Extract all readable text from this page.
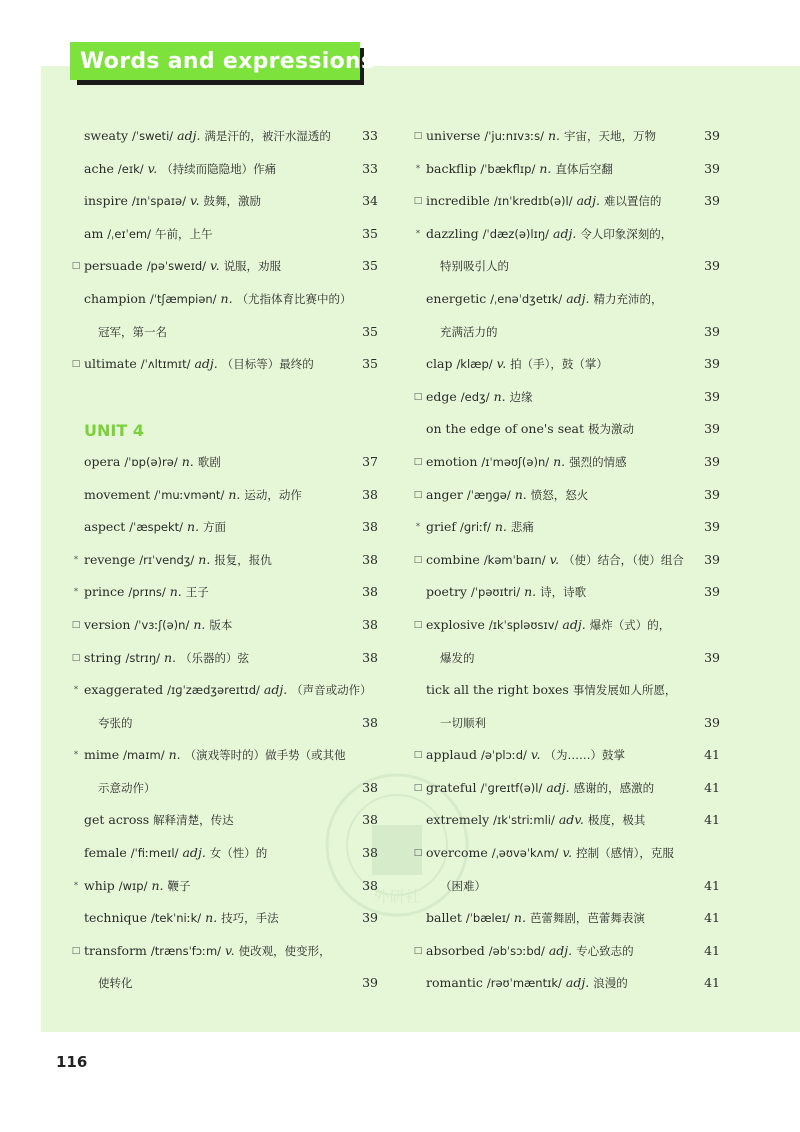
Words and expressions
外研社
sweaty /ˈsweti/ adj. 满是汗的，被汗水湿透的	33
ache /eɪk/ v. （持续而隐隐地）作痛	33
inspire /ɪnˈspaɪə/ v. 鼓舞，激励	34
am /ˌeɪˈem/ 午前，上午	35
□ persuade /pəˈsweɪd/ v. 说服，劝服	35
champion /ˈtʃæmpiən/ n. （尤指体育比赛中的）
冠军，第一名	35
□ ultimate /ˈʌltɪmɪt/ adj. （目标等）最终的	35
UNIT 4
opera /ˈɒp(ə)rə/ n. 歌剧	37
movement /ˈmuːvmənt/ n. 运动，动作	38
aspect /ˈæspekt/ n. 方面	38
* revenge /rɪˈvendʒ/ n. 报复，报仇	38
* prince /prɪns/ n. 王子	38
□ version /ˈvɜːʃ(ə)n/ n. 版本	38
□ string /strɪŋ/ n. （乐器的）弦	38
* exaggerated /ɪɡˈzædʒəreɪtɪd/ adj. （声音或动作）
夸张的	38
* mime /maɪm/ n. （演戏等时的）做手势（或其他
示意动作）	38
get across 解释清楚，传达	38
female /ˈfiːmeɪl/ adj. 女（性）的	38
* whip /wɪp/ n. 鞭子	38
technique /tekˈniːk/ n. 技巧，手法	39
□ transform /trænsˈfɔːm/ v. 使改观，使变形，
使转化	39
□ universe /ˈjuːnɪvɜːs/ n. 宇宙，天地，万物	39
* backflip /ˈbækflɪp/ n. 直体后空翻	39
□ incredible /ɪnˈkredɪb(ə)l/ adj. 难以置信的	39
* dazzling /ˈdæz(ə)lɪŋ/ adj. 令人印象深刻的，
特别吸引人的	39
energetic /ˌenəˈdʒetɪk/ adj. 精力充沛的，
充满活力的	39
clap /klæp/ v. 拍（手），鼓（掌）	39
□ edge /edʒ/ n. 边缘	39
on the edge of one's seat 极为激动	39
□ emotion /ɪˈməʊʃ(ə)n/ n. 强烈的情感	39
□ anger /ˈæŋɡə/ n. 愤怒，怒火	39
* grief /ɡriːf/ n. 悲痛	39
□ combine /kəmˈbaɪn/ v. （使）结合，（使）组合	39
poetry /ˈpəʊɪtri/ n. 诗，诗歌	39
□ explosive /ɪkˈspləʊsɪv/ adj. 爆炸（式）的，
爆发的	39
tick all the right boxes 事情发展如人所愿，
一切顺利	39
□ applaud /əˈplɔːd/ v. （为……）鼓掌	41
□ grateful /ˈɡreɪtf(ə)l/ adj. 感谢的，感激的	41
extremely /ɪkˈstriːmli/ adv. 极度，极其	41
□ overcome /ˌəʊvəˈkʌm/ v. 控制（感情），克服
（困难）	41
ballet /ˈbæleɪ/ n. 芭蕾舞剧，芭蕾舞表演	41
□ absorbed /əbˈsɔːbd/ adj. 专心致志的	41
romantic /rəʊˈmæntɪk/ adj. 浪漫的	41
116
